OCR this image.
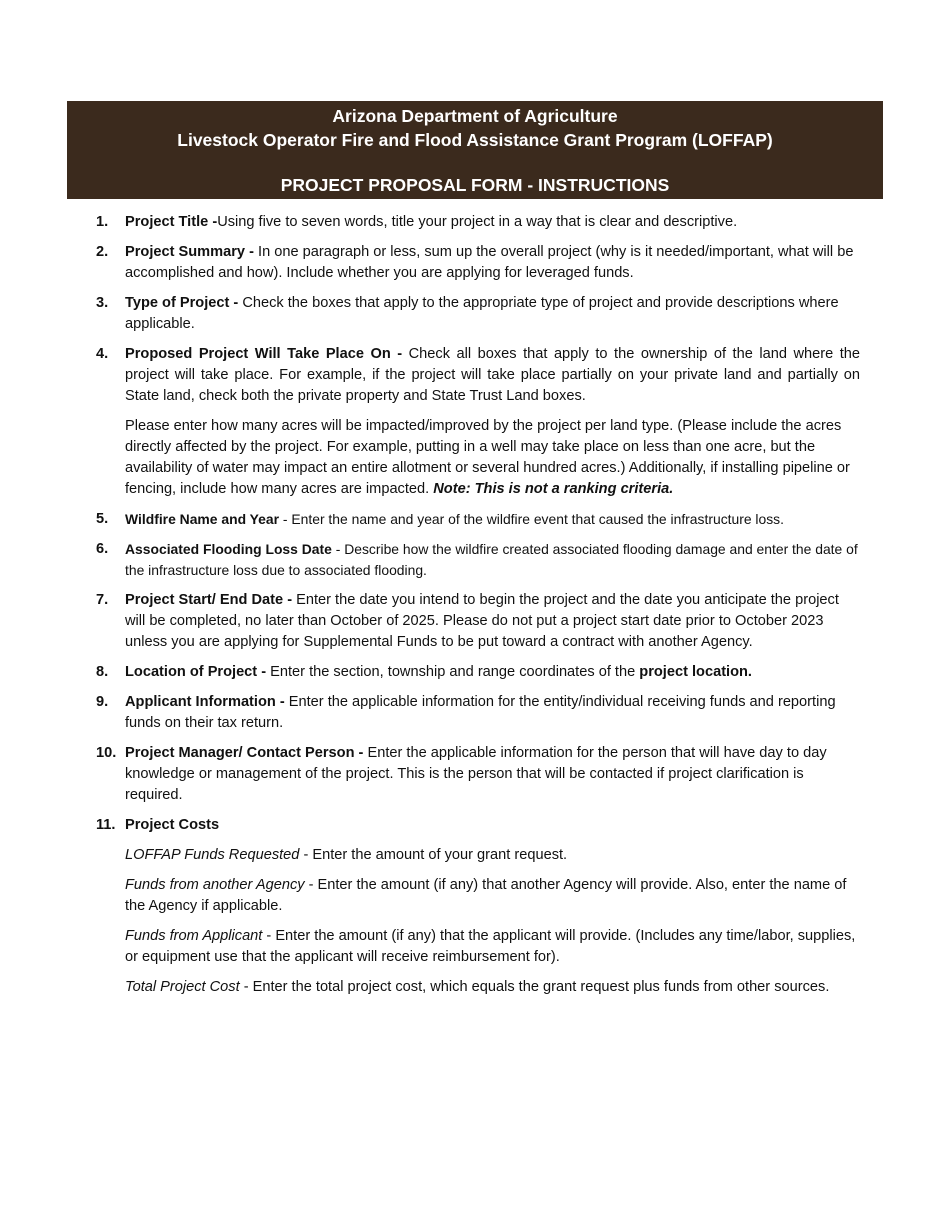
Arizona Department of Agriculture
Livestock Operator Fire and Flood Assistance Grant Program (LOFFAP)
PROJECT PROPOSAL FORM - INSTRUCTIONS
1. Project Title -Using five to seven words, title your project in a way that is clear and descriptive.
2. Project Summary - In one paragraph or less, sum up the overall project (why is it needed/important, what will be accomplished and how). Include whether you are applying for leveraged funds.
3. Type of Project - Check the boxes that apply to the appropriate type of project and provide descriptions where applicable.
4. Proposed Project Will Take Place On - Check all boxes that apply to the ownership of the land where the project will take place. For example, if the project will take place partially on your private land and partially on State land, check both the private property and State Trust Land boxes.
Please enter how many acres will be impacted/improved by the project per land type. (Please include the acres directly affected by the project. For example, putting in a well may take place on less than one acre, but the availability of water may impact an entire allotment or several hundred acres.) Additionally, if installing pipeline or fencing, include how many acres are impacted. Note: This is not a ranking criteria.
5. Wildfire Name and Year - Enter the name and year of the wildfire event that caused the infrastructure loss.
6. Associated Flooding Loss Date - Describe how the wildfire created associated flooding damage and enter the date of the infrastructure loss due to associated flooding.
7. Project Start/ End Date - Enter the date you intend to begin the project and the date you anticipate the project will be completed, no later than October of 2025. Please do not put a project start date prior to October 2023 unless you are applying for Supplemental Funds to be put toward a contract with another Agency.
8. Location of Project - Enter the section, township and range coordinates of the project location.
9. Applicant Information - Enter the applicable information for the entity/individual receiving funds and reporting funds on their tax return.
10. Project Manager/ Contact Person - Enter the applicable information for the person that will have day to day knowledge or management of the project. This is the person that will be contacted if project clarification is required.
11. Project Costs
LOFFAP Funds Requested - Enter the amount of your grant request.
Funds from another Agency - Enter the amount (if any) that another Agency will provide. Also, enter the name of the Agency if applicable.
Funds from Applicant - Enter the amount (if any) that the applicant will provide. (Includes any time/labor, supplies, or equipment use that the applicant will receive reimbursement for).
Total Project Cost - Enter the total project cost, which equals the grant request plus funds from other sources.
